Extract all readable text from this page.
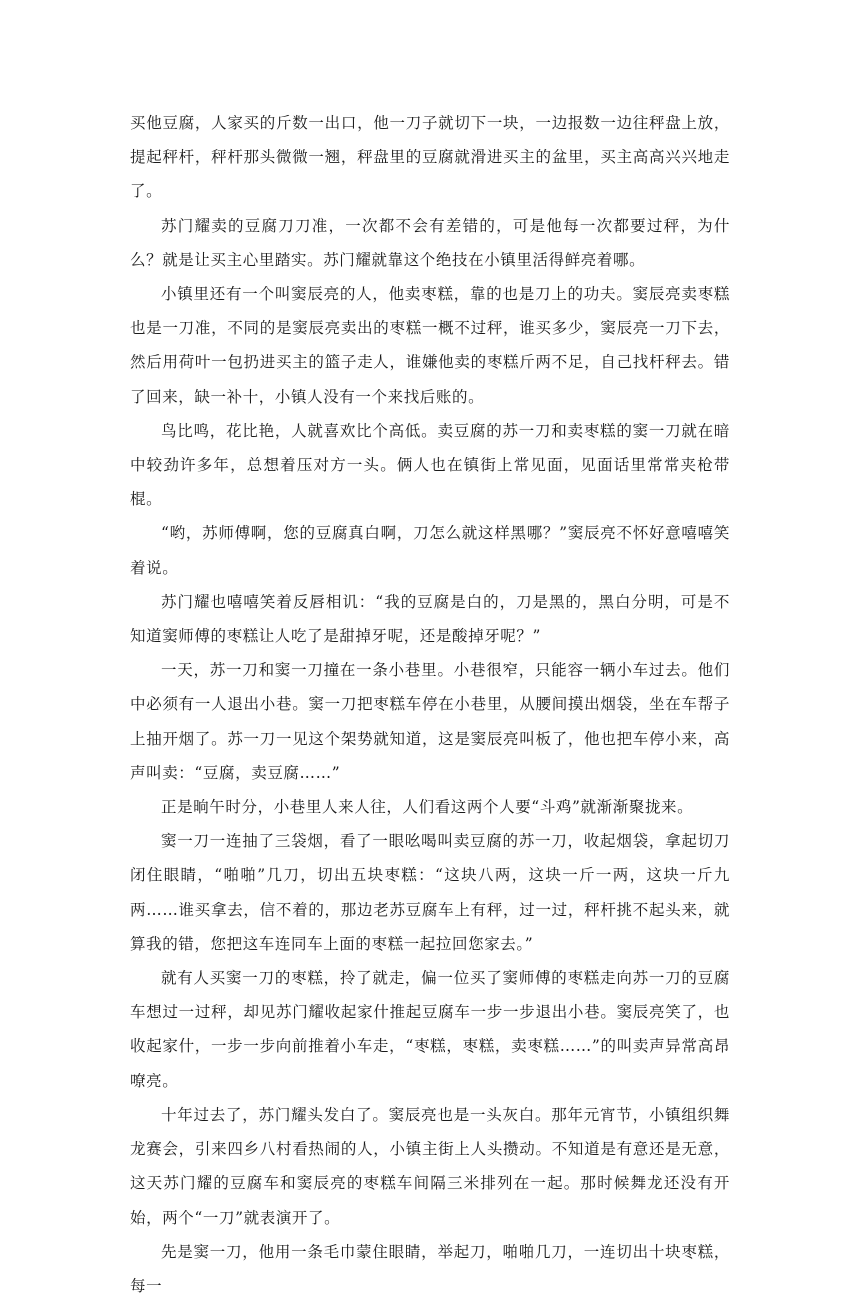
买他豆腐，人家买的斤数一出口，他一刀子就切下一块，一边报数一边往秤盘上放，提起秤杆，秤杆那头微微一翘，秤盘里的豆腐就滑进买主的盆里，买主高高兴兴地走了。

苏门耀卖的豆腐刀刀准，一次都不会有差错的，可是他每一次都要过秤，为什么？就是让买主心里踏实。苏门耀就靠这个绝技在小镇里活得鲜亮着哪。

小镇里还有一个叫窦辰亮的人，他卖枣糕，靠的也是刀上的功夫。窦辰亮卖枣糕也是一刀准，不同的是窦辰亮卖出的枣糕一概不过秤，谁买多少，窦辰亮一刀下去，然后用荷叶一包扔进买主的篮子走人，谁嫌他卖的枣糕斤两不足，自己找杆秤去。错了回来，缺一补十，小镇人没有一个来找后账的。

鸟比鸣，花比艳，人就喜欢比个高低。卖豆腐的苏一刀和卖枣糕的窦一刀就在暗中较劲许多年，总想着压对方一头。俩人也在镇街上常见面，见面话里常常夹枪带棍。

“哟，苏师傅啊，您的豆腐真白啊，刀怎么就这样黑哪？”窦辰亮不怀好意嘻嘻笑着说。

苏门耀也嘻嘻笑着反唇相讥：“我的豆腐是白的，刀是黑的，黑白分明，可是不知道窦师傅的枣糕让人吃了是甜掉牙呢，还是酸掉牙呢？”

一天，苏一刀和窦一刀撞在一条小巷里。小巷很窄，只能容一辆小车过去。他们中必须有一人退出小巷。窦一刀把枣糕车停在小巷里，从腰间摸出烟袋，坐在车帮子上抽开烟了。苏一刀一见这个架势就知道，这是窦辰亮叫板了，他也把车停小来，高声叫卖：“豆腐，卖豆腐……”

正是晌午时分，小巷里人来人往，人们看这两个人要“斗鸡”就渐渐聚拢来。

窦一刀一连抽了三袋烟，看了一眼吆喝叫卖豆腐的苏一刀，收起烟袋，拿起切刀闭住眼睛，“啪啪”几刀，切出五块枣糕：“这块八两，这块一斤一两，这块一斤九两……谁买拿去，信不着的，那边老苏豆腐车上有秤，过一过，秤杆挑不起头来，就算我的错，您把这车连同车上面的枣糕一起拉回您家去。”

就有人买窦一刀的枣糕，拎了就走，偏一位买了窦师傅的枣糕走向苏一刀的豆腐车想过一过秤，却见苏门耀收起家什推起豆腐车一步一步退出小巷。窦辰亮笑了，也收起家什，一步一步向前推着小车走，“枣糕，枣糕，卖枣糕……”的叫卖声异常高昂嘹亮。

十年过去了，苏门耀头发白了。窦辰亮也是一头灰白。那年元宵节，小镇组织舞龙赛会，引来四乡八村看热闹的人，小镇主街上人头攒动。不知道是有意还是无意，这天苏门耀的豆腐车和窦辰亮的枣糕车间隔三米排列在一起。那时候舞龙还没有开始，两个“一刀”就表演开了。

先是窦一刀，他用一条毛巾蒙住眼睛，举起刀，啪啪几刀，一连切出十块枣糕，每一
